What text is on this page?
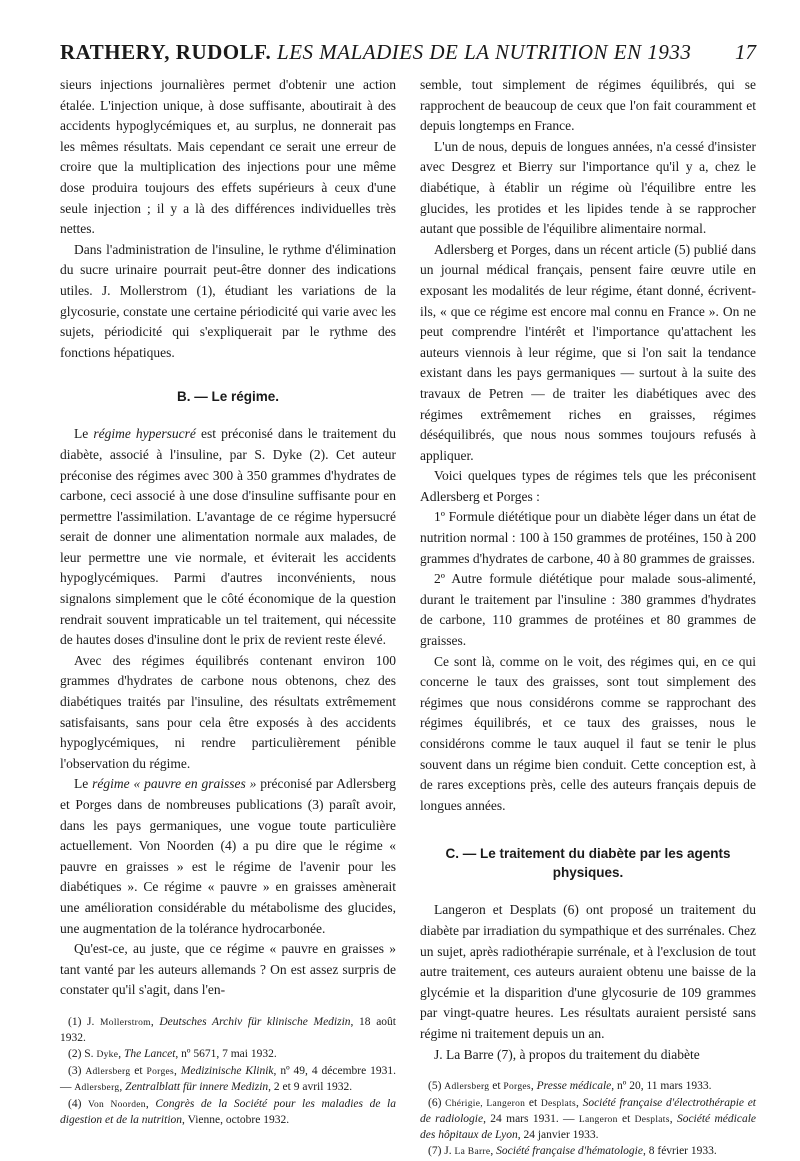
RATHERY, RUDOLF. LES MALADIES DE LA NUTRITION EN 1933 17

sieurs injections journalières permet d'obtenir une action étalée. L'injection unique, à dose suffisante, aboutirait à des accidents hypoglycémiques et, au surplus, ne donnerait pas les mêmes résultats. Mais cependant ce serait une erreur de croire que la multiplication des injections pour une même dose produira toujours des effets supérieurs à ceux d'une seule injection ; il y a là des différences individuelles très nettes.

Dans l'administration de l'insuline, le rythme d'élimination du sucre urinaire pourrait peut-être donner des indications utiles. J. Mollerstrom (1), étudiant les variations de la glycosurie, constate une certaine périodicité qui varie avec les sujets, périodicité qui s'expliquerait par le rythme des fonctions hépatiques.

B. — Le régime.

Le régime hypersucré est préconisé dans le traitement du diabète, associé à l'insuline, par S. Dyke (2). Cet auteur préconise des régimes avec 300 à 350 grammes d'hydrates de carbone, ceci associé à une dose d'insuline suffisante pour en permettre l'assimilation. L'avantage de ce régime hypersucré serait de donner une alimentation normale aux malades, de leur permettre une vie normale, et éviterait les accidents hypoglycémiques. Parmi d'autres inconvénients, nous signalons simplement que le côté économique de la question rendrait souvent impraticable un tel traitement, qui nécessite de hautes doses d'insuline dont le prix de revient reste élevé.

Avec des régimes équilibrés contenant environ 100 grammes d'hydrates de carbone nous obtenons, chez des diabétiques traités par l'insuline, des résultats extrêmement satisfaisants, sans pour cela être exposés à des accidents hypoglycémiques, ni rendre particulièrement pénible l'observation du régime.

Le régime « pauvre en graisses » préconisé par Adlersberg et Porges dans de nombreuses publications (3) paraît avoir, dans les pays germaniques, une vogue toute particulière actuellement. Von Noorden (4) a pu dire que le régime « pauvre en graisses » est le régime de l'avenir pour les diabétiques ». Ce régime « pauvre » en graisses amènerait une amélioration considérable du métabolisme des glucides, une augmentation de la tolérance hydrocarbonée.

Qu'est-ce, au juste, que ce régime « pauvre en graisses » tant vanté par les auteurs allemands ? On est assez surpris de constater qu'il s'agit, dans l'en-

(1) J. Mollerstrom, Deutsches Archiv für klinische Medizin, 18 août 1932.

(2) S. Dyke, The Lancet, nº 5671, 7 mai 1932.

(3) Adlersberg et Porges, Medizinische Klinik, nº 49, 4 décembre 1931. — Adlersberg, Zentralblatt für innere Medizin, 2 et 9 avril 1932.

(4) Von Noorden, Congrès de la Société pour les maladies de la digestion et de la nutrition, Vienne, octobre 1932.

semble, tout simplement de régimes équilibrés, qui se rapprochent de beaucoup de ceux que l'on fait couramment et depuis longtemps en France.

L'un de nous, depuis de longues années, n'a cessé d'insister avec Desgrez et Bierry sur l'importance qu'il y a, chez le diabétique, à établir un régime où l'équilibre entre les glucides, les protides et les lipides tende à se rapprocher autant que possible de l'équilibre alimentaire normal.

Adlersberg et Porges, dans un récent article (5) publié dans un journal médical français, pensent faire œuvre utile en exposant les modalités de leur régime, étant donné, écrivent-ils, « que ce régime est encore mal connu en France ». On ne peut comprendre l'intérêt et l'importance qu'attachent les auteurs viennois à leur régime, que si l'on sait la tendance existant dans les pays germaniques — surtout à la suite des travaux de Petren — de traiter les diabétiques avec des régimes extrêmement riches en graisses, régimes déséquilibrés, que nous nous sommes toujours refusés à appliquer.

Voici quelques types de régimes tels que les préconisent Adlersberg et Porges :

1º Formule diététique pour un diabète léger dans un état de nutrition normal : 100 à 150 grammes de protéines, 150 à 200 grammes d'hydrates de carbone, 40 à 80 grammes de graisses.

2º Autre formule diététique pour malade sous-alimenté, durant le traitement par l'insuline : 380 grammes d'hydrates de carbone, 110 grammes de protéines et 80 grammes de graisses.

Ce sont là, comme on le voit, des régimes qui, en ce qui concerne le taux des graisses, sont tout simplement des régimes que nous considérons comme se rapprochant des régimes équilibrés, et ce taux des graisses, nous le considérons comme le taux auquel il faut se tenir le plus souvent dans un régime bien conduit. Cette conception est, à de rares exceptions près, celle des auteurs français depuis de longues années.

C. — Le traitement du diabète par les agents physiques.

Langeron et Desplats (6) ont proposé un traitement du diabète par irradiation du sympathique et des surrénales. Chez un sujet, après radiothérapie surrénale, et à l'exclusion de tout autre traitement, ces auteurs auraient obtenu une baisse de la glycémie et la disparition d'une glycosurie de 109 grammes par vingt-quatre heures. Les résultats auraient persisté sans régime ni traitement depuis un an.

J. La Barre (7), à propos du traitement du diabète

(5) Adlersberg et Porges, Presse médicale, nº 20, 11 mars 1933.

(6) Chérigie, Langeron et Desplats, Société française d'électrothérapie et de radiologie, 24 mars 1931. — Langeron et Desplats, Société médicale des hôpitaux de Lyon, 24 janvier 1933.

(7) J. La Barre, Société française d'hématologie, 8 février 1933.
